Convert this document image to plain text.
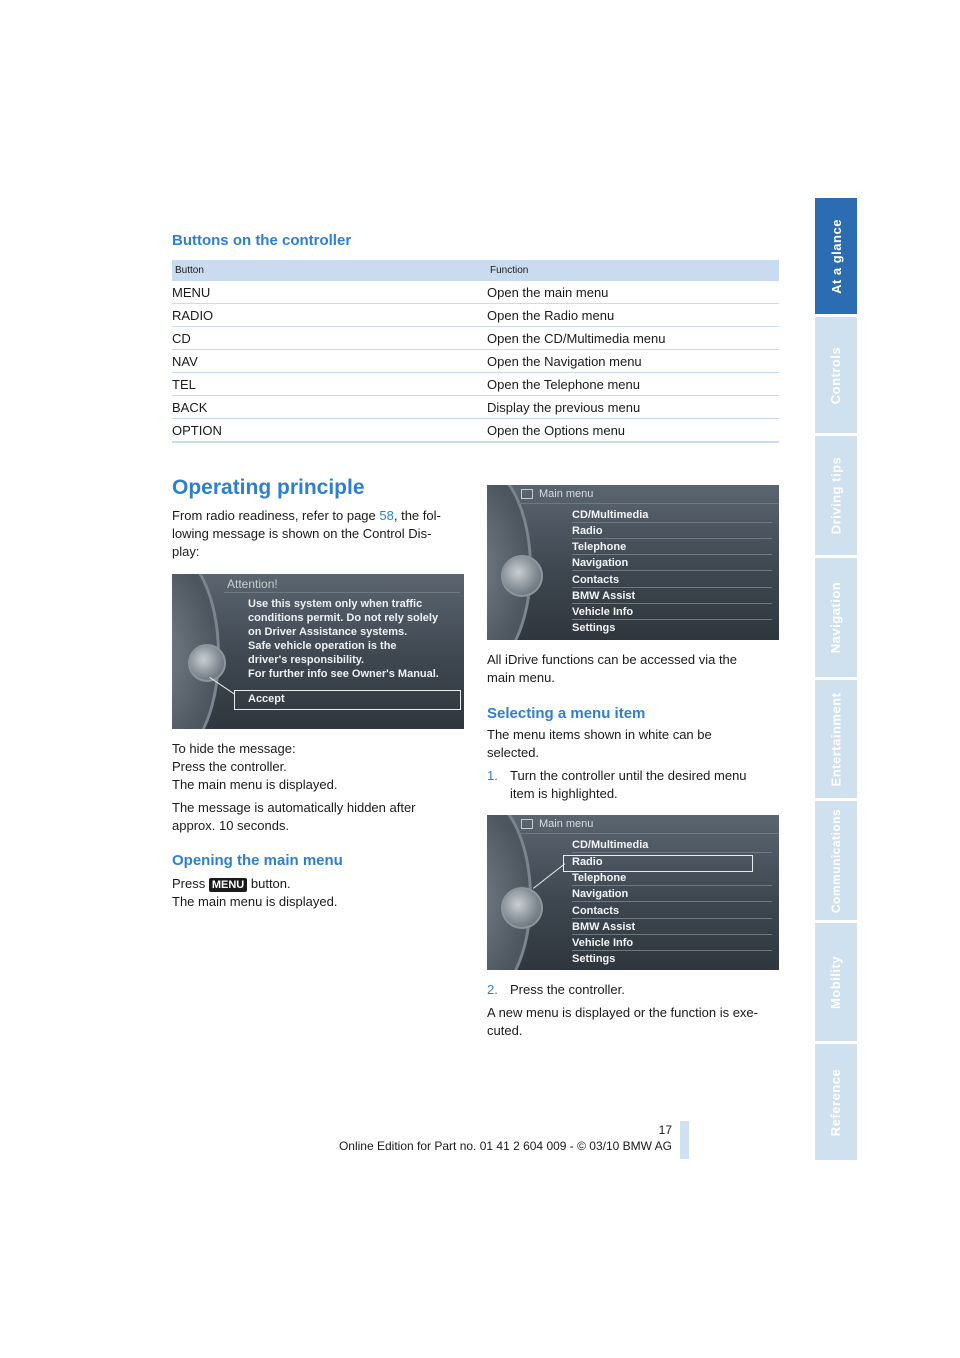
At a glance
Controls
Driving tips
Navigation
Entertainment
Communications
Mobility
Reference
Buttons on the controller
Button	Function
MENU	Open the main menu
RADIO	Open the Radio menu
CD	Open the CD/Multimedia menu
NAV	Open the Navigation menu
TEL	Open the Telephone menu
BACK	Display the previous menu
OPTION	Open the Options menu
Operating principle
From radio readiness, refer to page 58, the fol-
lowing message is shown on the Control Dis-
play:
Attention!
Use this system only when traffic
conditions permit. Do not rely solely
on Driver Assistance systems.
Safe vehicle operation is the
driver's responsibility.
For further info see Owner's Manual.
Accept
To hide the message:
Press the controller.
The main menu is displayed.
The message is automatically hidden after
approx. 10 seconds.
Opening the main menu
Press MENU button.
The main menu is displayed.
Main menu
CD/Multimedia
Radio
Telephone
Navigation
Contacts
BMW Assist
Vehicle Info
Settings
All iDrive functions can be accessed via the
main menu.
Selecting a menu item
The menu items shown in white can be
selected.
1. Turn the controller until the desired menu
item is highlighted.
Main menu
CD/Multimedia
Radio
Telephone
Navigation
Contacts
BMW Assist
Vehicle Info
Settings
2. Press the controller.
A new menu is displayed or the function is exe-
cuted.
17
Online Edition for Part no. 01 41 2 604 009 - © 03/10 BMW AG
